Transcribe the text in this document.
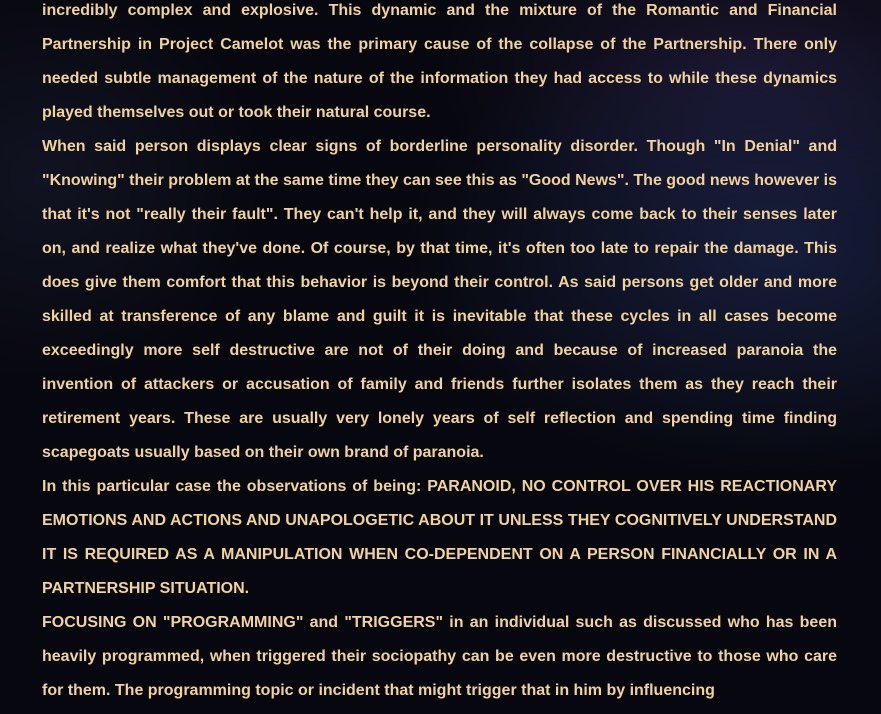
incredibly complex and explosive. This dynamic and the mixture of the Romantic and Financial Partnership in Project Camelot was the primary cause of the collapse of the Partnership. There only needed subtle management of the nature of the information they had access to while these dynamics played themselves out or took their natural course.

When said person displays clear signs of borderline personality disorder. Though "In Denial" and "Knowing" their problem at the same time they can see this as "Good News". The good news however is that it's not "really their fault". They can't help it, and they will always come back to their senses later on, and realize what they've done. Of course, by that time, it's often too late to repair the damage. This does give them comfort that this behavior is beyond their control. As said persons get older and more skilled at transference of any blame and guilt it is inevitable that these cycles in all cases become exceedingly more self destructive are not of their doing and because of increased paranoia the invention of attackers or accusation of family and friends further isolates them as they reach their retirement years. These are usually very lonely years of self reflection and spending time finding scapegoats usually based on their own brand of paranoia.

In this particular case the observations of being: PARANOID, NO CONTROL OVER HIS REACTIONARY EMOTIONS AND ACTIONS AND UNAPOLOGETIC ABOUT IT UNLESS THEY COGNITIVELY UNDERSTAND IT IS REQUIRED AS A MANIPULATION WHEN CO-DEPENDENT ON A PERSON FINANCIALLY OR IN A PARTNERSHIP SITUATION.

FOCUSING ON "PROGRAMMING" and "TRIGGERS" in an individual such as discussed who has been heavily programmed, when triggered their sociopathy can be even more destructive to those who care for them. The programming topic or incident that might trigger that in him by influencing
